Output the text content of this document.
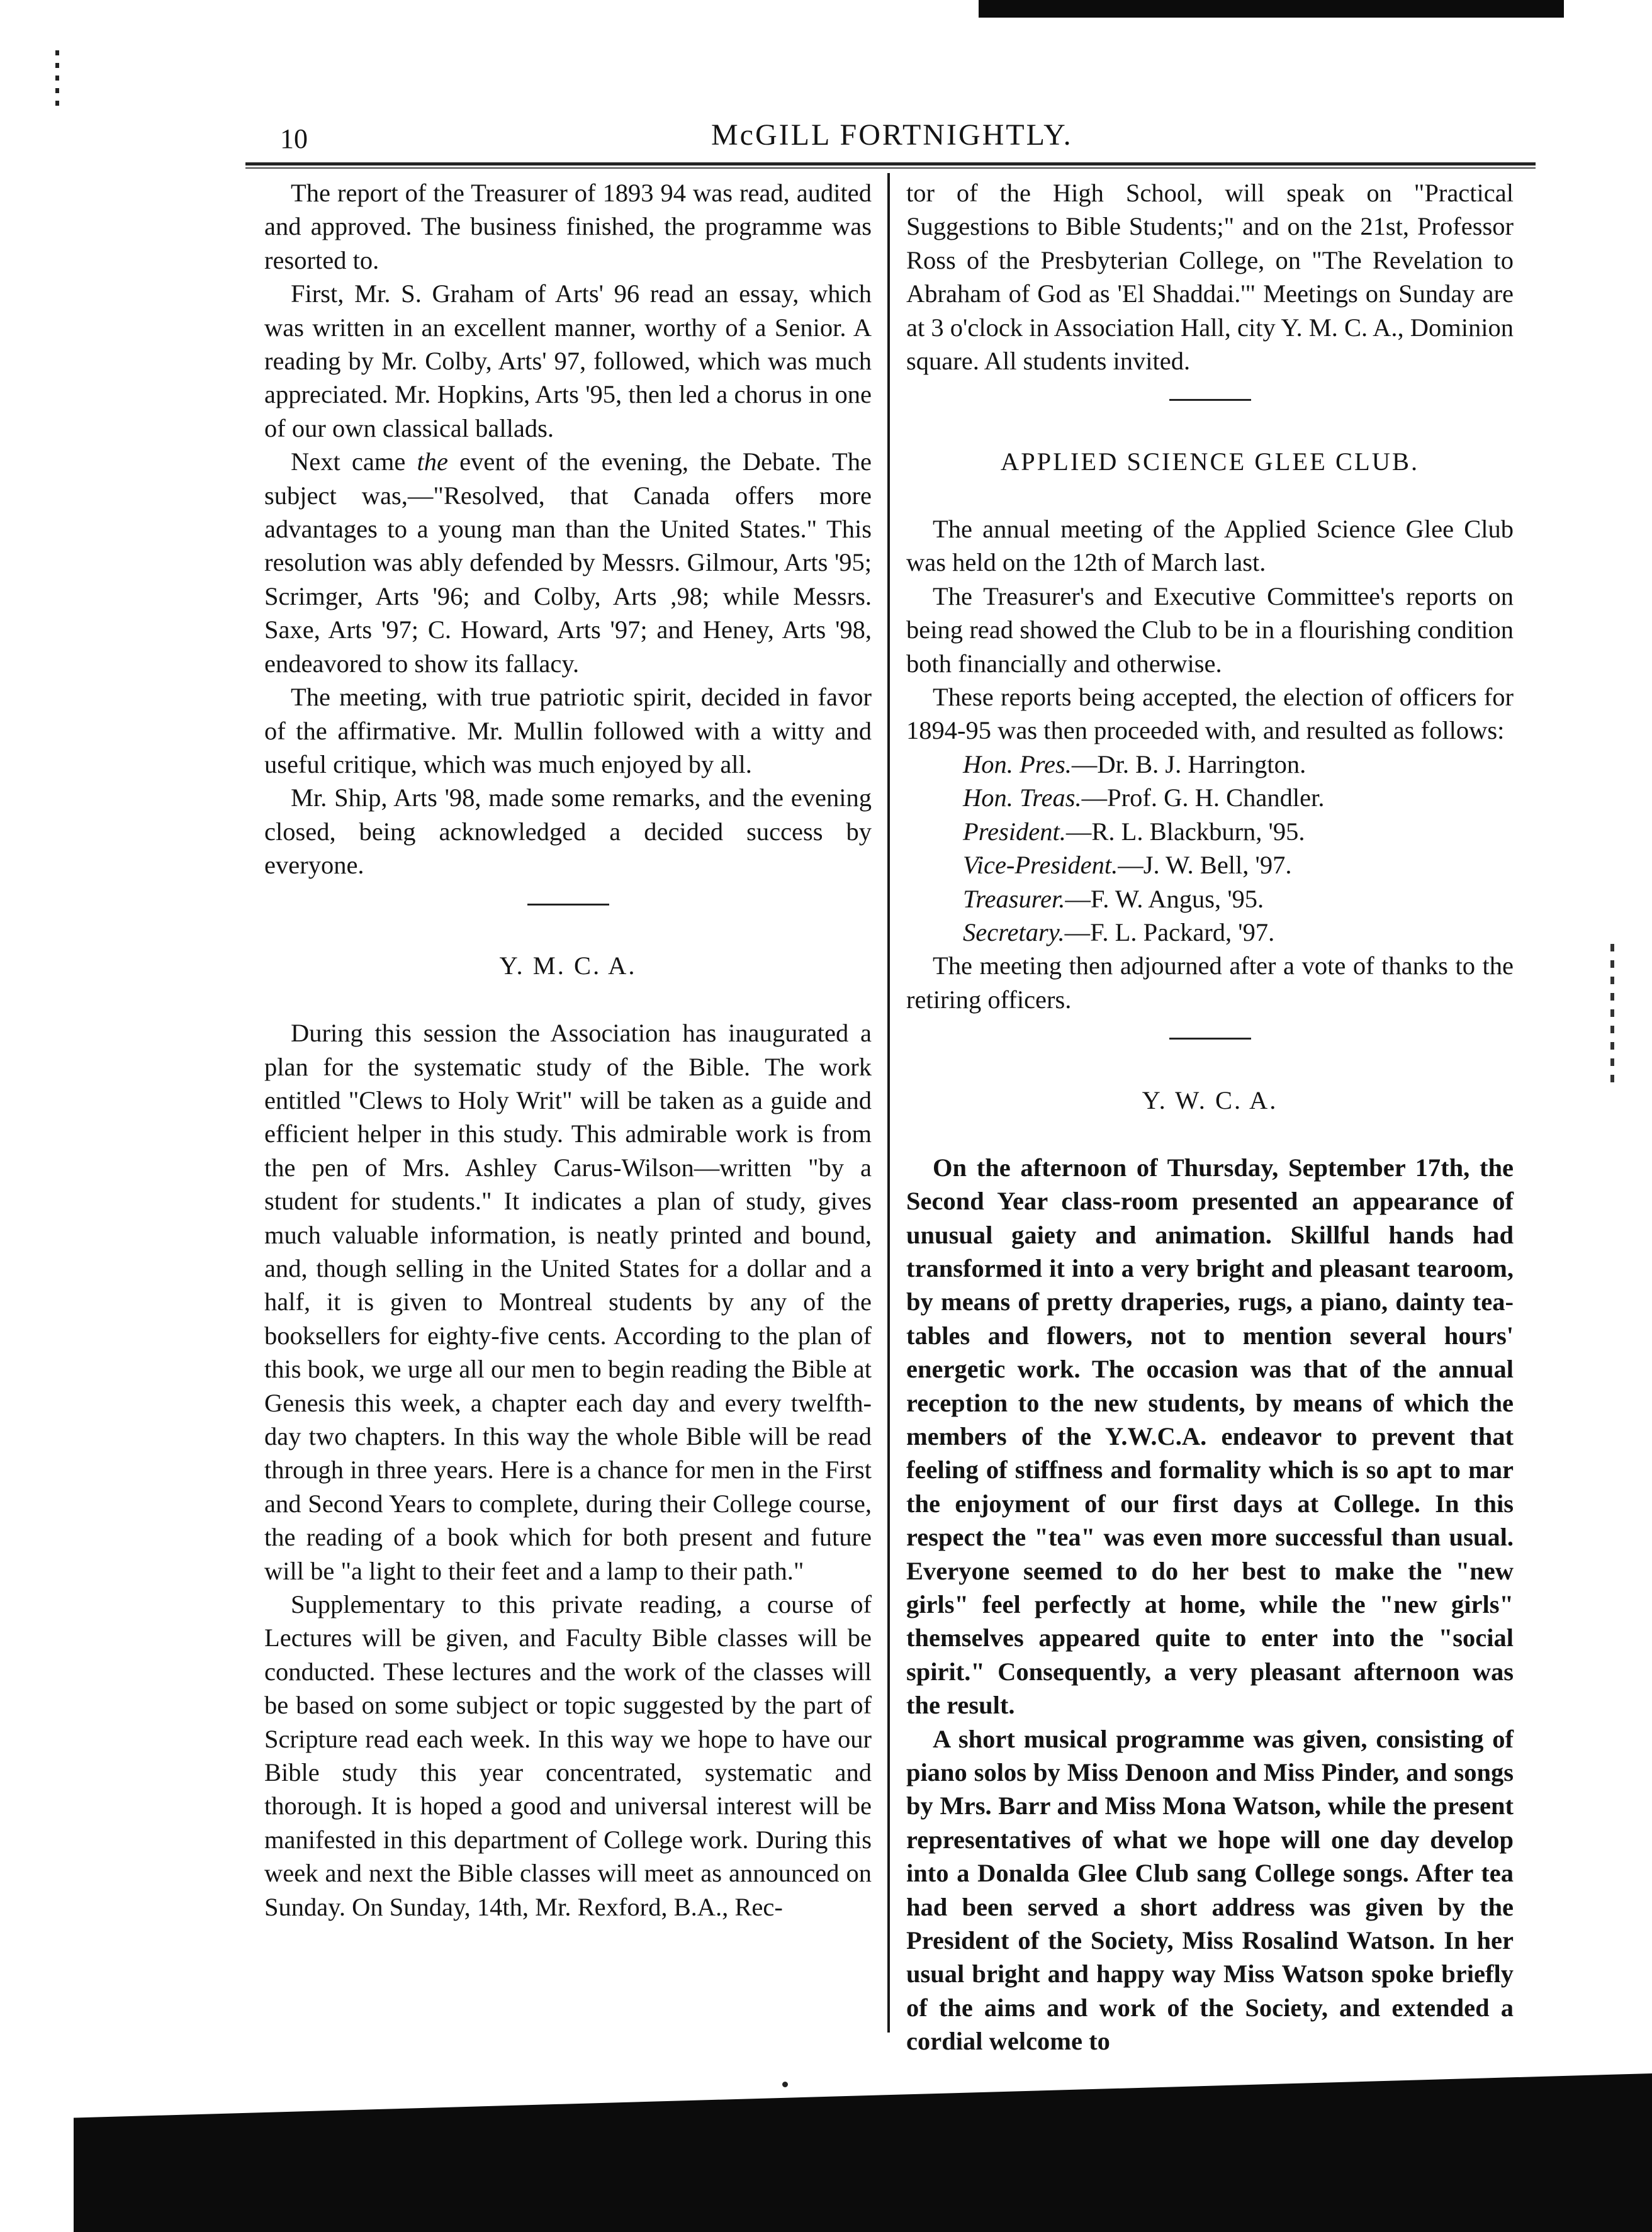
10	McGILL FORTNIGHTLY.

The report of the Treasurer of 1893 94 was read, audited and approved. The business finished, the programme was resorted to.

First, Mr. S. Graham of Arts' 96 read an essay, which was written in an excellent manner, worthy of a Senior. A reading by Mr. Colby, Arts' 97, followed, which was much appreciated. Mr. Hopkins, Arts '95, then led a chorus in one of our own classical ballads.

Next came the event of the evening, the Debate. The subject was,—"Resolved, that Canada offers more advantages to a young man than the United States." This resolution was ably defended by Messrs. Gilmour, Arts '95; Scrimger, Arts '96; and Colby, Arts ,98; while Messrs. Saxe, Arts '97; C. Howard, Arts '97; and Heney, Arts '98, endeavored to show its fallacy.

The meeting, with true patriotic spirit, decided in favor of the affirmative. Mr. Mullin followed with a witty and useful critique, which was much enjoyed by all.

Mr. Ship, Arts '98, made some remarks, and the evening closed, being acknowledged a decided success by everyone.

Y. M. C. A.

During this session the Association has inaugurated a plan for the systematic study of the Bible. The work entitled "Clews to Holy Writ" will be taken as a guide and efficient helper in this study. This admirable work is from the pen of Mrs. Ashley Carus-Wilson—written "by a student for students." It indicates a plan of study, gives much valuable information, is neatly printed and bound, and, though selling in the United States for a dollar and a half, it is given to Montreal students by any of the booksellers for eighty-five cents. According to the plan of this book, we urge all our men to begin reading the Bible at Genesis this week, a chapter each day and every twelfth-day two chapters. In this way the whole Bible will be read through in three years. Here is a chance for men in the First and Second Years to complete, during their College course, the reading of a book which for both present and future will be "a light to their feet and a lamp to their path."

Supplementary to this private reading, a course of Lectures will be given, and Faculty Bible classes will be conducted. These lectures and the work of the classes will be based on some subject or topic suggested by the part of Scripture read each week. In this way we hope to have our Bible study this year concentrated, systematic and thorough. It is hoped a good and universal interest will be manifested in this department of College work. During this week and next the Bible classes will meet as announced on Sunday. On Sunday, 14th, Mr. Rexford, B.A., Rec-

tor of the High School, will speak on "Practical Suggestions to Bible Students;" and on the 21st, Professor Ross of the Presbyterian College, on "The Revelation to Abraham of God as 'El Shaddai.'" Meetings on Sunday are at 3 o'clock in Association Hall, city Y. M. C. A., Dominion square. All students invited.

APPLIED SCIENCE GLEE CLUB.

The annual meeting of the Applied Science Glee Club was held on the 12th of March last.

The Treasurer's and Executive Committee's reports on being read showed the Club to be in a flourishing condition both financially and otherwise.

These reports being accepted, the election of officers for 1894-95 was then proceeded with, and resulted as follows:

Hon. Pres.—Dr. B. J. Harrington.

Hon. Treas.—Prof. G. H. Chandler.

President.—R. L. Blackburn, '95.

Vice-President.—J. W. Bell, '97.

Treasurer.—F. W. Angus, '95.

Secretary.—F. L. Packard, '97.

The meeting then adjourned after a vote of thanks to the retiring officers.

Y. W. C. A.

On the afternoon of Thursday, September 17th, the Second Year class-room presented an appearance of unusual gaiety and animation. Skillful hands had transformed it into a very bright and pleasant tearoom, by means of pretty draperies, rugs, a piano, dainty tea-tables and flowers, not to mention several hours' energetic work. The occasion was that of the annual reception to the new students, by means of which the members of the Y.W.C.A. endeavor to prevent that feeling of stiffness and formality which is so apt to mar the enjoyment of our first days at College. In this respect the "tea" was even more successful than usual. Everyone seemed to do her best to make the "new girls" feel perfectly at home, while the "new girls" themselves appeared quite to enter into the "social spirit." Consequently, a very pleasant afternoon was the result.

A short musical programme was given, consisting of piano solos by Miss Denoon and Miss Pinder, and songs by Mrs. Barr and Miss Mona Watson, while the present representatives of what we hope will one day develop into a Donalda Glee Club sang College songs. After tea had been served a short address was given by the President of the Society, Miss Rosalind Watson. In her usual bright and happy way Miss Watson spoke briefly of the aims and work of the Society, and extended a cordial welcome to
